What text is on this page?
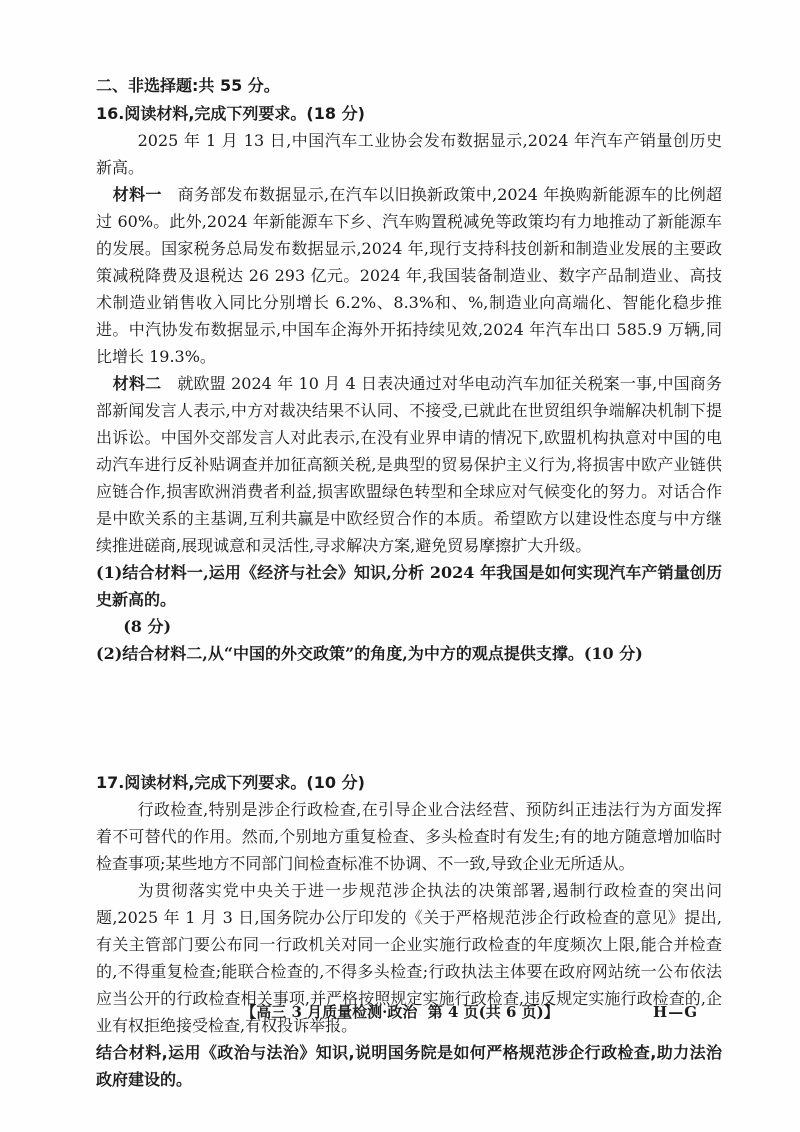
二、非选择题:共 55 分。
16.阅读材料,完成下列要求。(18 分)
2025 年 1 月 13 日,中国汽车工业协会发布数据显示,2024 年汽车产销量创历史新高。
材料一 商务部发布数据显示,在汽车以旧换新政策中,2024 年换购新能源车的比例超过 60%。此外,2024 年新能源车下乡、汽车购置税减免等政策均有力地推动了新能源车的发展。国家税务总局发布数据显示,2024 年,现行支持科技创新和制造业发展的主要政策减税降费及退税达 26 293 亿元。2024 年,我国装备制造业、数字产品制造业、高技术制造业销售收入同比分别增长 6.2%、8.3%和、%,制造业向高端化、智能化稳步推进。中汽协发布数据显示,中国车企海外开拓持续见效,2024 年汽车出口 585.9 万辆,同比增长 19.3%。
材料二 就欧盟 2024 年 10 月 4 日表决通过对华电动汽车加征关税案一事,中国商务部新闻发言人表示,中方对裁决结果不认同、不接受,已就此在世贸组织争端解决机制下提出诉讼。中国外交部发言人对此表示,在没有业界申请的情况下,欧盟机构执意对中国的电动汽车进行反补贴调查并加征高额关税,是典型的贸易保护主义行为,将损害中欧产业链供应链合作,损害欧洲消费者利益,损害欧盟绿色转型和全球应对气候变化的努力。对话合作是中欧关系的主基调,互利共赢是中欧经贸合作的本质。希望欧方以建设性态度与中方继续推进磋商,展现诚意和灵活性,寻求解决方案,避免贸易摩擦扩大升级。
(1)结合材料一,运用《经济与社会》知识,分析 2024 年我国是如何实现汽车产销量创历史新高的。
(8 分)
(2)结合材料二,从“中国的外交政策”的角度,为中方的观点提供支撑。(10 分)
17.阅读材料,完成下列要求。(10 分)
行政检查,特别是涉企行政检查,在引导企业合法经营、预防纠正违法行为方面发挥着不可替代的作用。然而,个别地方重复检查、多头检查时有发生;有的地方随意增加临时检查事项;某些地方不同部门间检查标准不协调、不一致,导致企业无所适从。
为贯彻落实党中央关于进一步规范涉企执法的决策部署,遏制行政检查的突出问题,2025 年 1 月 3 日,国务院办公厅印发的《关于严格规范涉企行政检查的意见》提出,有关主管部门要公布同一行政机关对同一企业实施行政检查的年度频次上限,能合并检查的,不得重复检查;能联合检查的,不得多头检查;行政执法主体要在政府网站统一公布依法应当公开的行政检查相关事项,并严格按照规定实施行政检查,违反规定实施行政检查的,企业有权拒绝接受检查,有权投诉举报。
结合材料,运用《政治与法治》知识,说明国务院是如何严格规范涉企行政检查,助力法治政府建设的。
【高三 3 月质量检测·政治  第 4 页(共 6 页)】	H—G
